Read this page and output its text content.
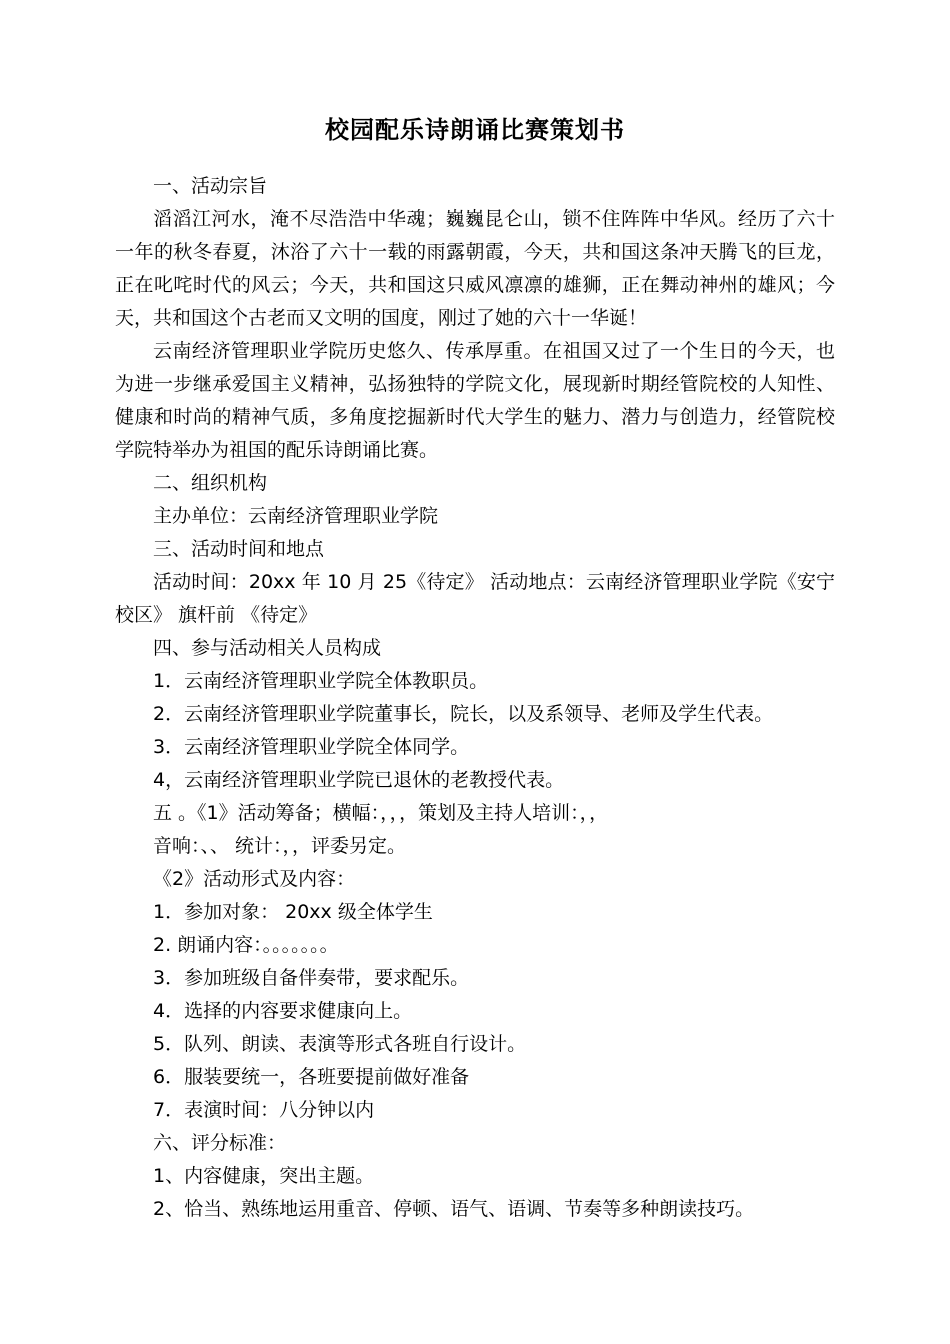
校园配乐诗朗诵比赛策划书

一、活动宗旨

滔滔江河水，淹不尽浩浩中华魂；巍巍昆仑山，锁不住阵阵中华风。经历了六十一年的秋冬春夏，沐浴了六十一载的雨露朝霞，今天，共和国这条冲天腾飞的巨龙，正在叱咤时代的风云；今天，共和国这只威风凛凛的雄狮，正在舞动神州的雄风；今天，共和国这个古老而又文明的国度，刚过了她的六十一华诞！

云南经济管理职业学院历史悠久、传承厚重。在祖国又过了一个生日的今天，也为进一步继承爱国主义精神，弘扬独特的学院文化，展现新时期经管院校的人知性、健康和时尚的精神气质，多角度挖掘新时代大学生的魅力、潜力与创造力，经管院校学院特举办为祖国的配乐诗朗诵比赛。

二、组织机构

主办单位：云南经济管理职业学院

三、活动时间和地点

活动时间：20xx 年 10 月 25《待定》 活动地点：云南经济管理职业学院《安宁校区》 旗杆前 《待定》

四、参与活动相关人员构成

1．云南经济管理职业学院全体教职员。

2．云南经济管理职业学院董事长，院长，以及系领导、老师及学生代表。

3．云南经济管理职业学院全体同学。

4，云南经济管理职业学院已退休的老教授代表。

五 。《1》活动筹备；横幅：，，，策划及主持人培训：，，

音响：、、 统计：，，评委另定。

《2》活动形式及内容：

1．参加对象： 20xx 级全体学生

2. 朗诵内容：。。。。。。。

3．参加班级自备伴奏带，要求配乐。

4．选择的内容要求健康向上。

5．队列、朗读、表演等形式各班自行设计。

6．服装要统一，各班要提前做好准备

7．表演时间：八分钟以内

六、评分标准：

1、内容健康，突出主题。

2、恰当、熟练地运用重音、停顿、语气、语调、节奏等多种朗读技巧。
